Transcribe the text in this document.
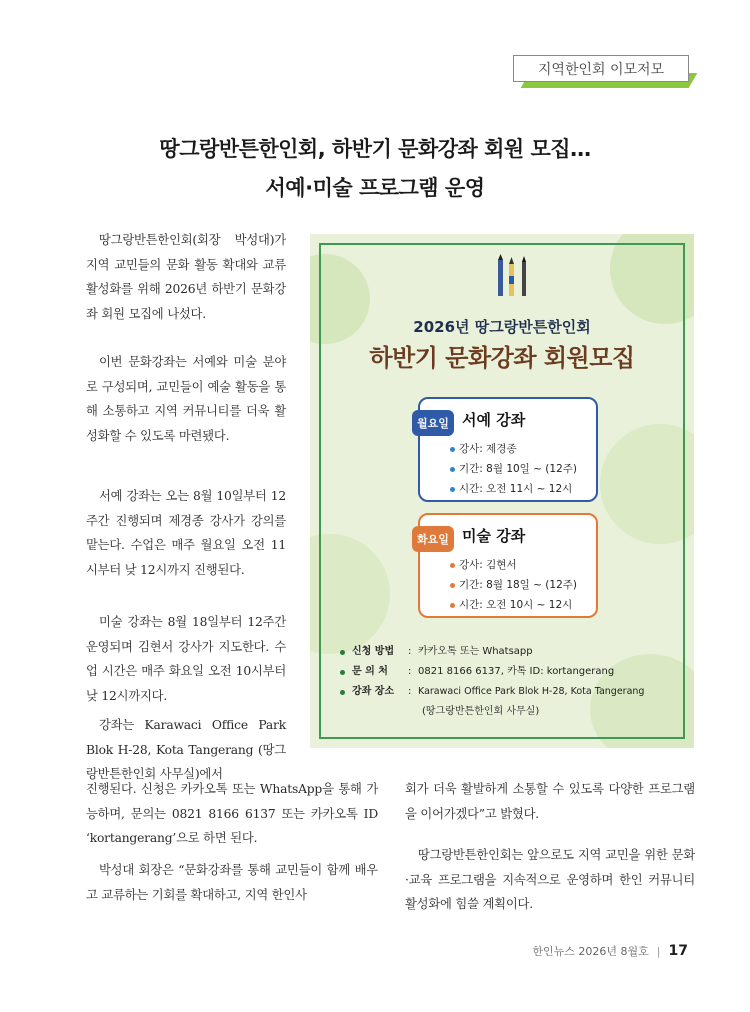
지역한인회 이모저모
땅그랑반튼한인회, 하반기 문화강좌 회원 모집…
서예·미술 프로그램 운영
땅그랑반튼한인회(회장 박성대)가 지역 교민들의 문화 활동 확대와 교류 활성화를 위해 2026년 하반기 문화강좌 회원 모집에 나섰다.
이번 문화강좌는 서예와 미술 분야로 구성되며, 교민들이 예술 활동을 통해 소통하고 지역 커뮤니티를 더욱 활성화할 수 있도록 마련됐다.
서예 강좌는 오는 8월 10일부터 12주간 진행되며 제경종 강사가 강의를 맡는다. 수업은 매주 월요일 오전 11시부터 낮 12시까지 진행된다.
미술 강좌는 8월 18일부터 12주간 운영되며 김현서 강사가 지도한다. 수업 시간은 매주 화요일 오전 10시부터 낮 12시까지다.
강좌는 Karawaci Office Park Blok H-28, Kota Tangerang (땅그랑반튼한인회 사무실)에서
진행된다. 신청은 카카오톡 또는 WhatsApp을 통해 가능하며, 문의는 0821 8166 6137 또는 카카오톡 ID ‘kortangerang’으로 하면 된다.
박성대 회장은 “문화강좌를 통해 교민들이 함께 배우고 교류하는 기회를 확대하고, 지역 한인사
회가 더욱 활발하게 소통할 수 있도록 다양한 프로그램을 이어가겠다”고 밝혔다.
땅그랑반튼한인회는 앞으로도 지역 교민을 위한 문화·교육 프로그램을 지속적으로 운영하며 한인 커뮤니티 활성화에 힘쓸 계획이다.
2026년 땅그랑반튼한인회
하반기 문화강좌 회원모집
월요일 서예 강좌
강사: 제경종
기간: 8월 10일 ~ (12주)
시간: 오전 11시 ~ 12시
화요일 미술 강좌
강사: 김현서
기간: 8월 18일 ~ (12주)
시간: 오전 10시 ~ 12시
신청 방법 : 카카오톡 또는 Whatsapp
문 의 처 : 0821 8166 6137, 카톡 ID: kortangerang
강좌 장소 : Karawaci Office Park Blok H-28, Kota Tangerang
(땅그랑반튼한인회 사무실)
한인뉴스 2026년 8월호 | 17
